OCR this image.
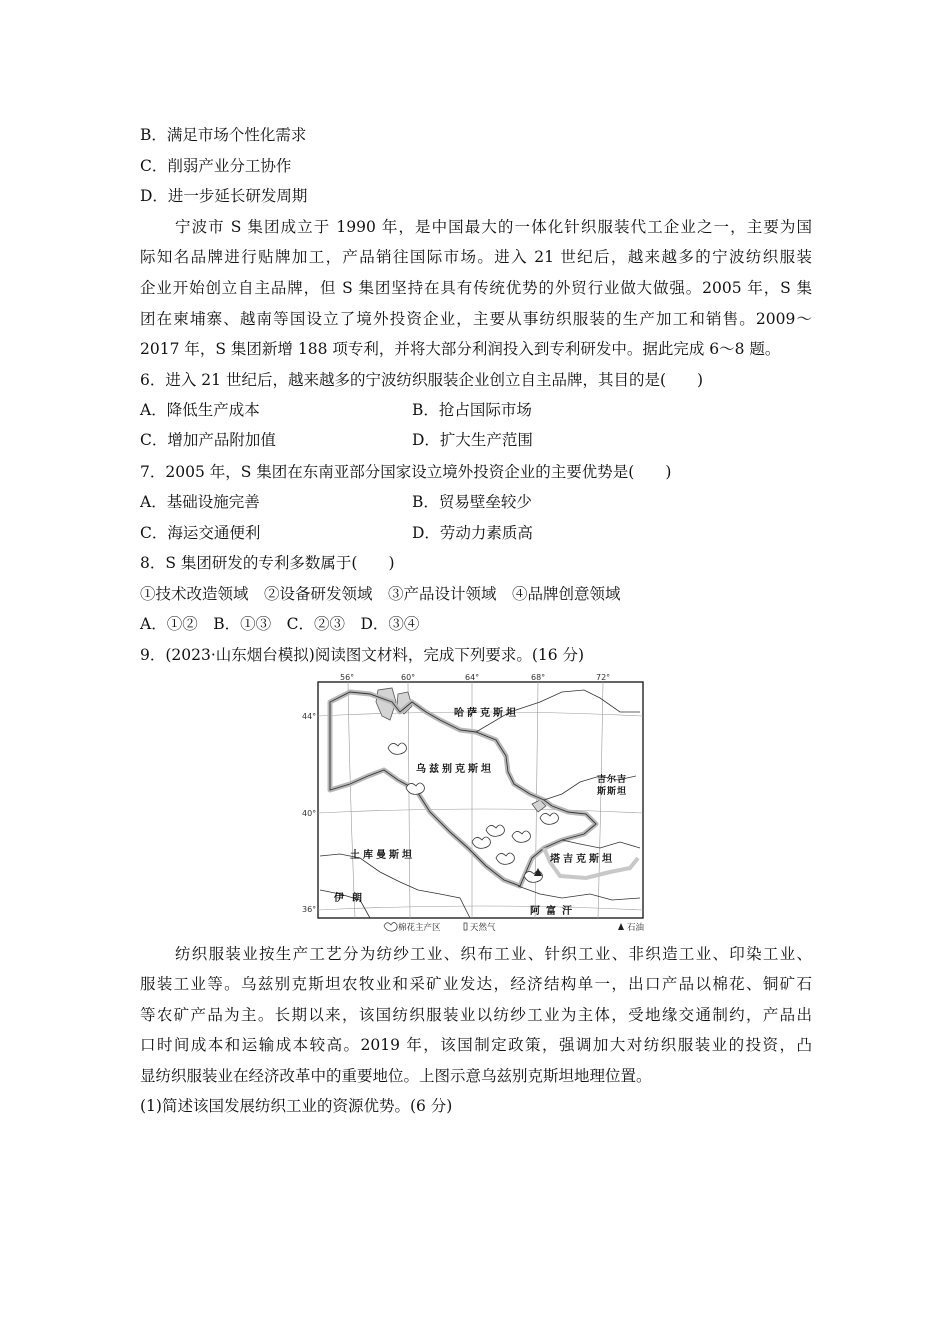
B．满足市场个性化需求
C．削弱产业分工协作
D．进一步延长研发周期
宁波市 S 集团成立于 1990 年，是中国最大的一体化针织服装代工企业之一，主要为国
际知名品牌进行贴牌加工，产品销往国际市场。进入 21 世纪后，越来越多的宁波纺织服装
企业开始创立自主品牌，但 S 集团坚持在具有传统优势的外贸行业做大做强。2005 年，S 集
团在柬埔寨、越南等国设立了境外投资企业，主要从事纺织服装的生产加工和销售。2009～
2017 年，S 集团新增 188 项专利，并将大部分利润投入到专利研发中。据此完成 6～8 题。
6．进入 21 世纪后，越来越多的宁波纺织服装企业创立自主品牌，其目的是(　　)
A．降低生产成本	B．抢占国际市场
C．增加产品附加值	D．扩大生产范围
7．2005 年，S 集团在东南亚部分国家设立境外投资企业的主要优势是(　　)
A．基础设施完善	B．贸易壁垒较少
C．海运交通便利	D．劳动力素质高
8．S 集团研发的专利多数属于(　　)
①技术改造领域　②设备研发领域　③产品设计领域　④品牌创意领域
A．①②　B．①③　C．②③　D．③④
9．(2023·山东烟台模拟)阅读图文材料，完成下列要求。(16 分)
56°	60°	64°	68°	72°
44°
40°
36°
哈萨克斯坦
乌兹别克斯坦
吉尔吉
斯斯坦
土库曼斯坦	塔吉克斯坦
伊朗
阿富汗
棉花主产区	天然气	石油
纺织服装业按生产工艺分为纺纱工业、织布工业、针织工业、非织造工业、印染工业、
服装工业等。乌兹别克斯坦农牧业和采矿业发达，经济结构单一，出口产品以棉花、铜矿石
等农矿产品为主。长期以来，该国纺织服装业以纺纱工业为主体，受地缘交通制约，产品出
口时间成本和运输成本较高。2019 年，该国制定政策，强调加大对纺织服装业的投资，凸
显纺织服装业在经济改革中的重要地位。上图示意乌兹别克斯坦地理位置。
(1)简述该国发展纺织工业的资源优势。(6 分)
